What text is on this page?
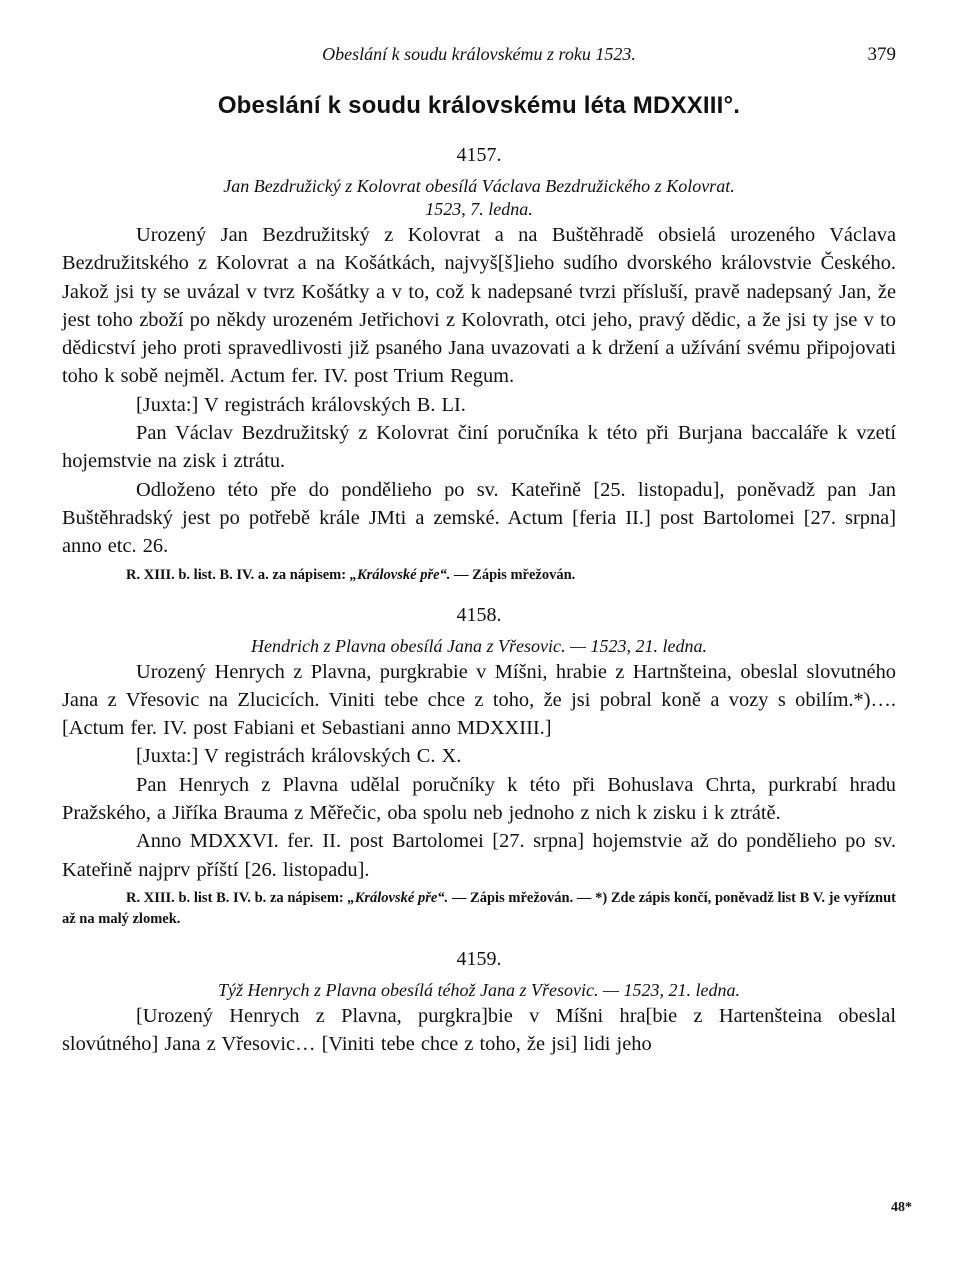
Obeslání k soudu královskému z roku 1523.	379
Obeslání k soudu královskému léta MDXXIII°.
4157.
Jan Bezdružický z Kolovrat obesílá Václava Bezdružického z Kolovrat.
1523, 7. ledna.

Urozený Jan Bezdružitský z Kolovrat a na Buštěhradě obsielá urozeného Václava Bezdružitského z Kolovrat a na Košátkách, najvyš[š]ieho sudího dvorského královstvie Českého. Jakož jsi ty se uvázal v tvrz Košátky a v to, což k nadepsané tvrzi přísluší, pravě nadepsaný Jan, že jest toho zboží po někdy urozeném Jetřichovi z Kolovrath, otci jeho, pravý dědic, a že jsi ty jse v to dědicství jeho proti spravedlivosti již psaného Jana uvazovati a k držení a užívání svému připojovati toho k sobě nejměl. Actum fer. IV. post Trium Regum.

[Juxta:] V registrách královských B. LI.

Pan Václav Bezdružitský z Kolovrat činí poručníka k této při Burjana baccaláře k vzetí hojemstvie na zisk i ztrátu.

Odloženo této pře do pondělieho po sv. Kateřině [25. listopadu], poněvadž pan Jan Buštěhradský jest po potřebě krále JMti a zemské. Actum [feria II.] post Bartolomei [27. srpna] anno etc. 26.

R. XIII. b. list. B. IV. a. za nápisem: „Královské pře“. — Zápis mřežován.

4158.
Hendrich z Plavna obesílá Jana z Vřesovic. — 1523, 21. ledna.

Urozený Henrych z Plavna, purgkrabie v Míšni, hrabie z Hartnšteina, obeslal slovutného Jana z Vřesovic na Zlucicích. Viniti tebe chce z toho, že jsi pobral koně a vozy s obilím.*)…. [Actum fer. IV. post Fabiani et Sebastiani anno MDXXIII.]

[Juxta:] V registrách královských C. X.

Pan Henrych z Plavna udělal poručníky k této při Bohuslava Chrta, purkrabí hradu Pražského, a Jiříka Brauma z Měřečic, oba spolu neb jednoho z nich k zisku i k ztrátě.

Anno MDXXVI. fer. II. post Bartolomei [27. srpna] hojemstvie až do pondělieho po sv. Kateřině najprv příští [26. listopadu].

R. XIII. b. list B. IV. b. za nápisem: „Královské pře“. — Zápis mřežován. — *) Zde zápis končí, poněvadž list B V. je vyříznut až na malý zlomek.

4159.
Týž Henrych z Plavna obesílá téhož Jana z Vřesovic. — 1523, 21. ledna.

[Urozený Henrych z Plavna, purgkra]bie v Míšni hra[bie z Hartenšteina obeslal slovútného] Jana z Vřesovic… [Viniti tebe chce z toho, že jsi] lidi jeho

48*
